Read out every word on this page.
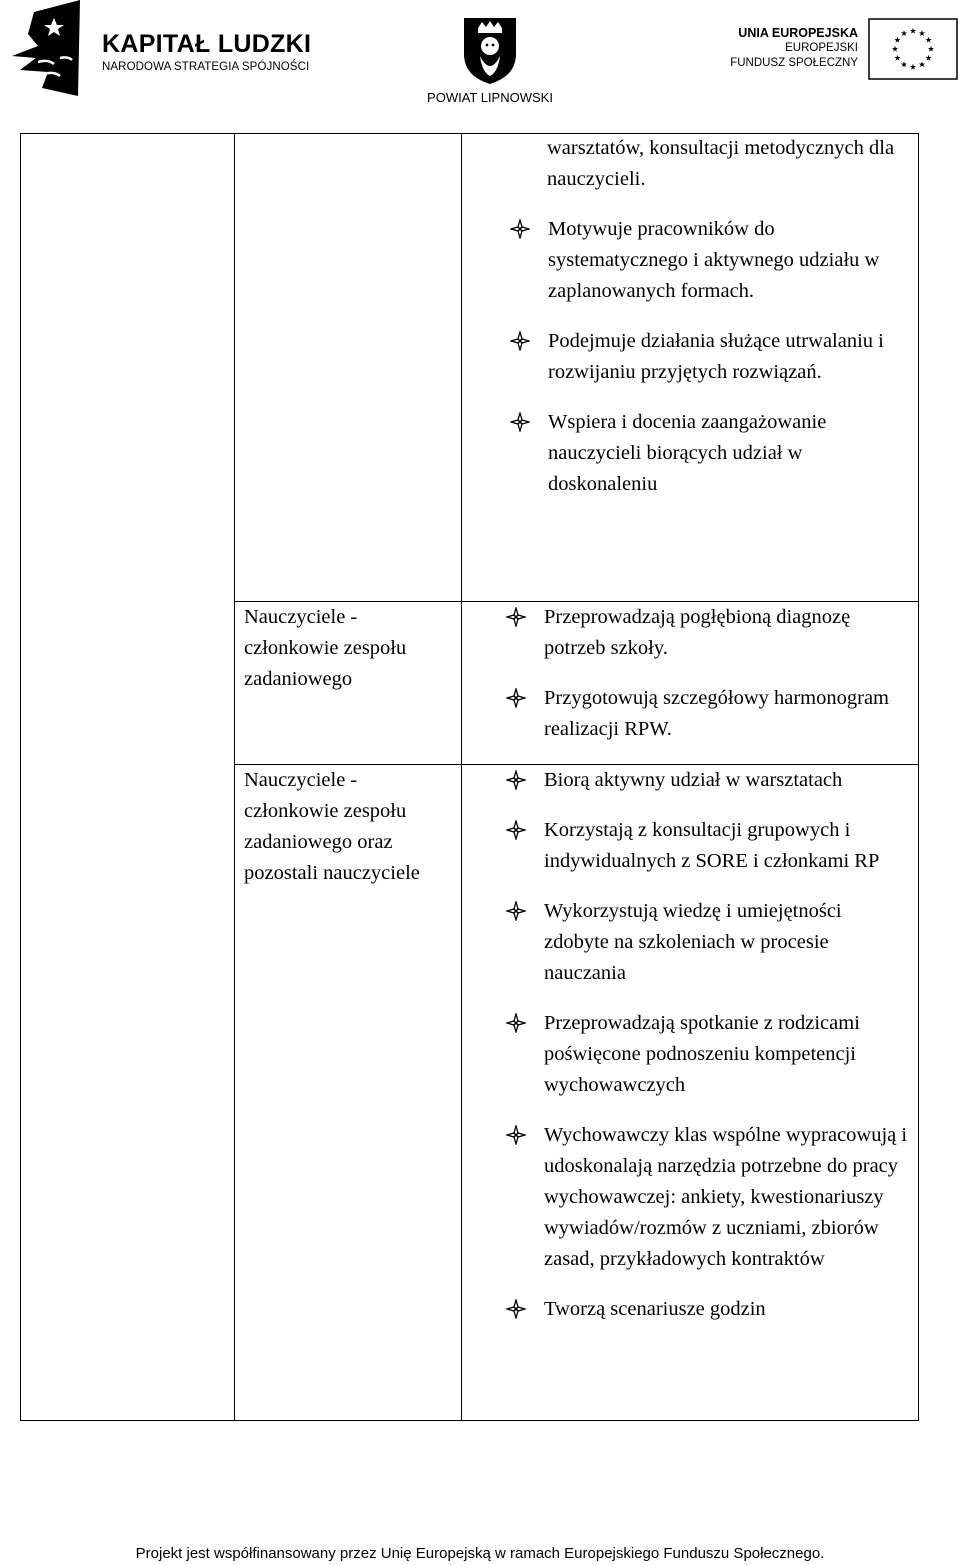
KAPITAŁ LUDZKI
NARODOWA STRATEGIA SPÓJNOŚCI
POWIAT LIPNOWSKI
UNIA EUROPEJSKA
EUROPEJSKI
FUNDUSZ SPOŁECZNY
warsztatów, konsultacji metodycznych dla nauczycieli.
Motywuje pracowników do systematycznego i aktywnego udziału w zaplanowanych formach.
Podejmuje działania służące utrwalaniu i rozwijaniu przyjętych rozwiązań.
Wspiera i docenia zaangażowanie nauczycieli biorących udział w doskonaleniu
Nauczyciele - członkowie zespołu zadaniowego
Przeprowadzają pogłębioną diagnozę potrzeb szkoły.
Przygotowują szczegółowy harmonogram realizacji RPW.
Nauczyciele - członkowie zespołu zadaniowego oraz pozostali nauczyciele
Biorą aktywny udział w warsztatach
Korzystają z konsultacji grupowych i indywidualnych z SORE i członkami RP
Wykorzystują wiedzę i umiejętności zdobyte na szkoleniach w procesie nauczania
Przeprowadzają spotkanie z rodzicami poświęcone podnoszeniu kompetencji wychowawczych
Wychowawczy klas wspólne wypracowują i udoskonalają narzędzia potrzebne do pracy wychowawczej: ankiety, kwestionariuszy wywiadów/rozmów z uczniami, zbiorów zasad, przykładowych kontraktów
Tworzą scenariusze godzin
Projekt jest współfinansowany przez Unię Europejską w ramach Europejskiego Funduszu Społecznego.
